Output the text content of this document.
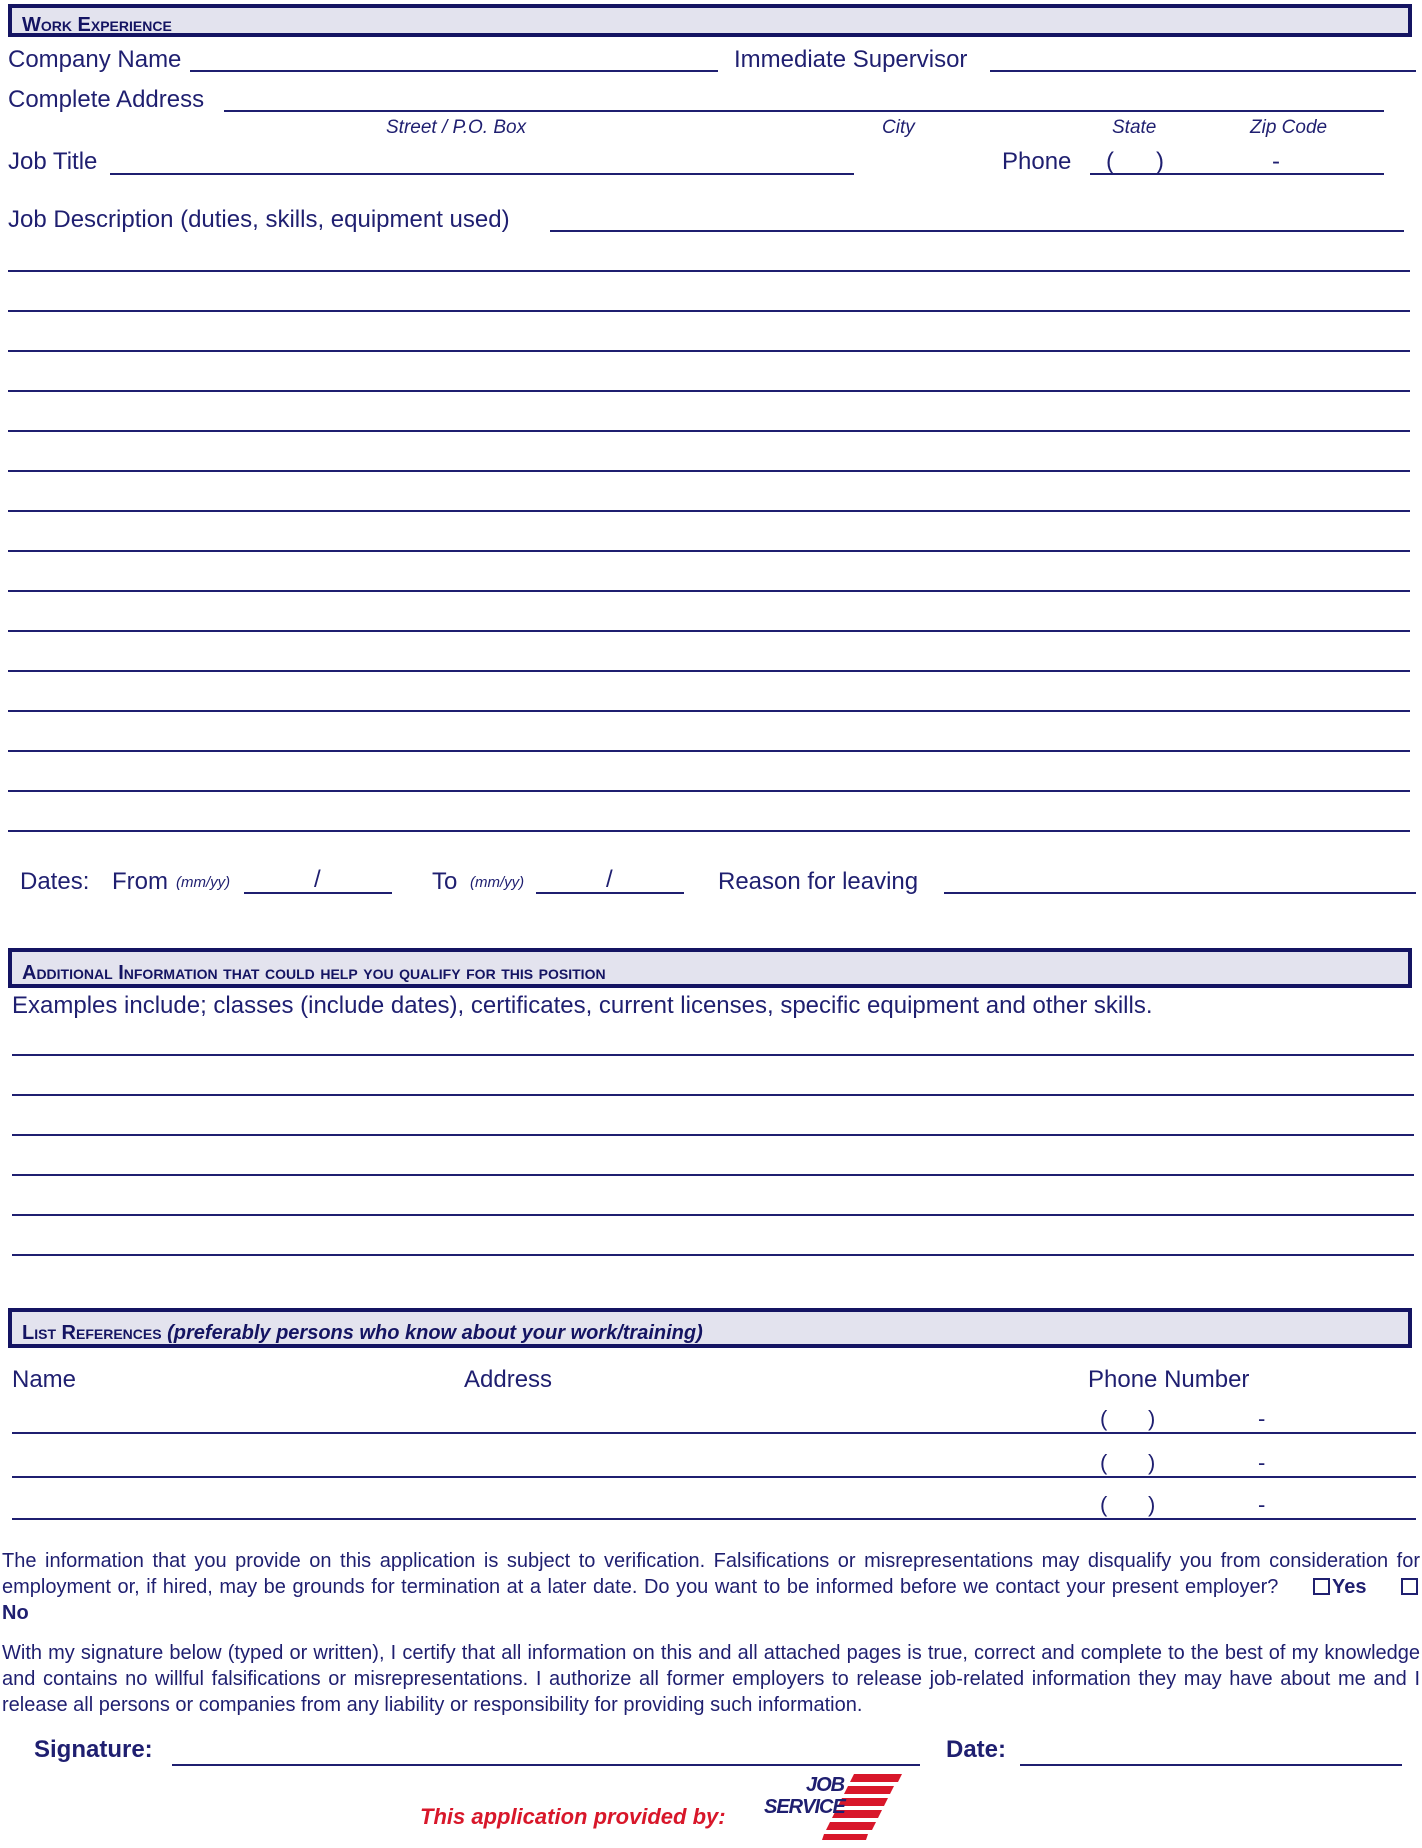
Work Experience
Company Name	Immediate Supervisor
Complete Address
Street / P.O. Box	City	State	Zip Code
Job Title	Phone ( )	-
Job Description (duties, skills, equipment used)
Dates: From (mm/yy)	/	To (mm/yy)	/	Reason for leaving
Additional Information that could help you qualify for this position
Examples include; classes (include dates), certificates, current licenses, specific equipment and other skills.
List References (preferably persons who know about your work/training)
Name	Address	Phone Number
( )	-
( )	-
( )	-
The information that you provide on this application is subject to verification. Falsifications or misrepresentations may disqualify you from consideration for employment or, if hired, may be grounds for termination at a later date. Do you want to be informed before we contact your present employer?	Yes No
With my signature below (typed or written), I certify that all information on this and all attached pages is true, correct and complete to the best of my knowledge and contains no willful falsifications or misrepresentations. I authorize all former employers to release job-related information they may have about me and I release all persons or companies from any liability or responsibility for providing such information.
Signature:	Date:
This application provided by:
JOB
SERVICE
